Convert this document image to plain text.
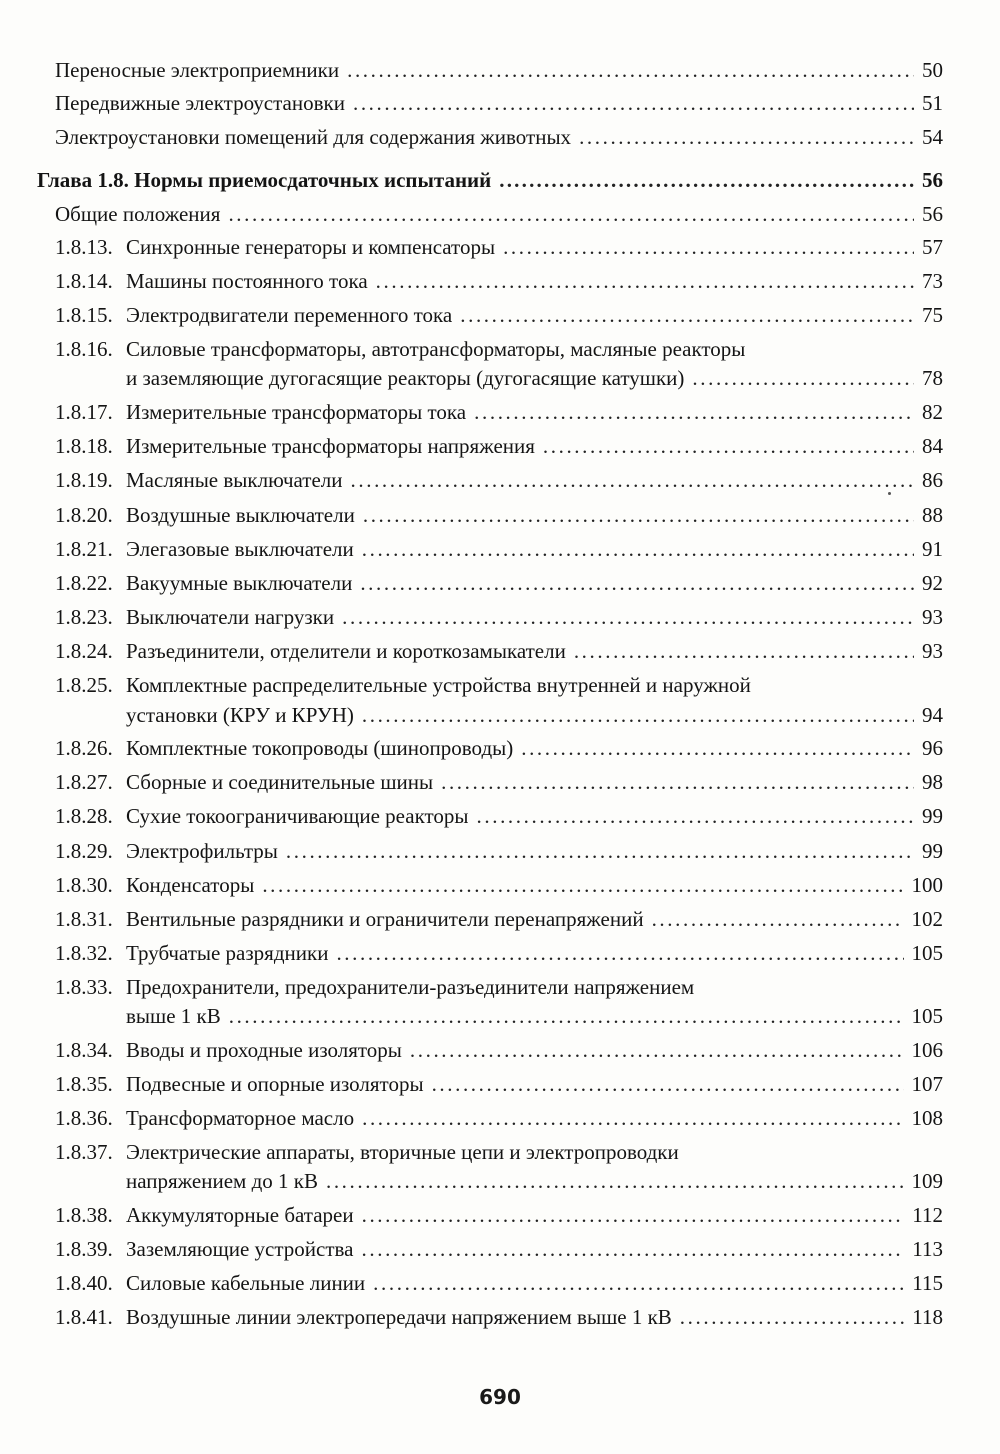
Переносные электроприемники .....	50
Передвижные электроустановки .....	51
Электроустановки помещений для содержания животных .....	54
Глава 1.8. Нормы приемосдаточных испытаний .....	56
Общие положения .....	56
1.8.13. Синхронные генераторы и компенсаторы .....	57
1.8.14. Машины постоянного тока .....	73
1.8.15. Электродвигатели переменного тока .....	75
1.8.16. Силовые трансформаторы, автотрансформаторы, масляные реакторы
и заземляющие дугогасящие реакторы (дугогасящие катушки) .....	78
1.8.17. Измерительные трансформаторы тока .....	82
1.8.18. Измерительные трансформаторы напряжения .....	84
1.8.19. Масляные выключатели .....	86
1.8.20. Воздушные выключатели .....	88
1.8.21. Элегазовые выключатели .....	91
1.8.22. Вакуумные выключатели .....	92
1.8.23. Выключатели нагрузки .....	93
1.8.24. Разъединители, отделители и короткозамыкатели .....	93
1.8.25. Комплектные распределительные устройства внутренней и наружной
установки (КРУ и КРУН) .....	94
1.8.26. Комплектные токопроводы (шинопроводы) .....	96
1.8.27. Сборные и соединительные шины .....	98
1.8.28. Сухие токоограничивающие реакторы .....	99
1.8.29. Электрофильтры .....	99
1.8.30. Конденсаторы .....	100
1.8.31. Вентильные разрядники и ограничители перенапряжений .....	102
1.8.32. Трубчатые разрядники .....	105
1.8.33. Предохранители, предохранители-разъединители напряжением
выше 1 кВ .....	105
1.8.34. Вводы и проходные изоляторы .....	106
1.8.35. Подвесные и опорные изоляторы .....	107
1.8.36. Трансформаторное масло .....	108
1.8.37. Электрические аппараты, вторичные цепи и электропроводки
напряжением до 1 кВ .....	109
1.8.38. Аккумуляторные батареи .....	112
1.8.39. Заземляющие устройства .....	113
1.8.40. Силовые кабельные линии .....	115
1.8.41. Воздушные линии электропередачи напряжением выше 1 кВ .....	118
690
